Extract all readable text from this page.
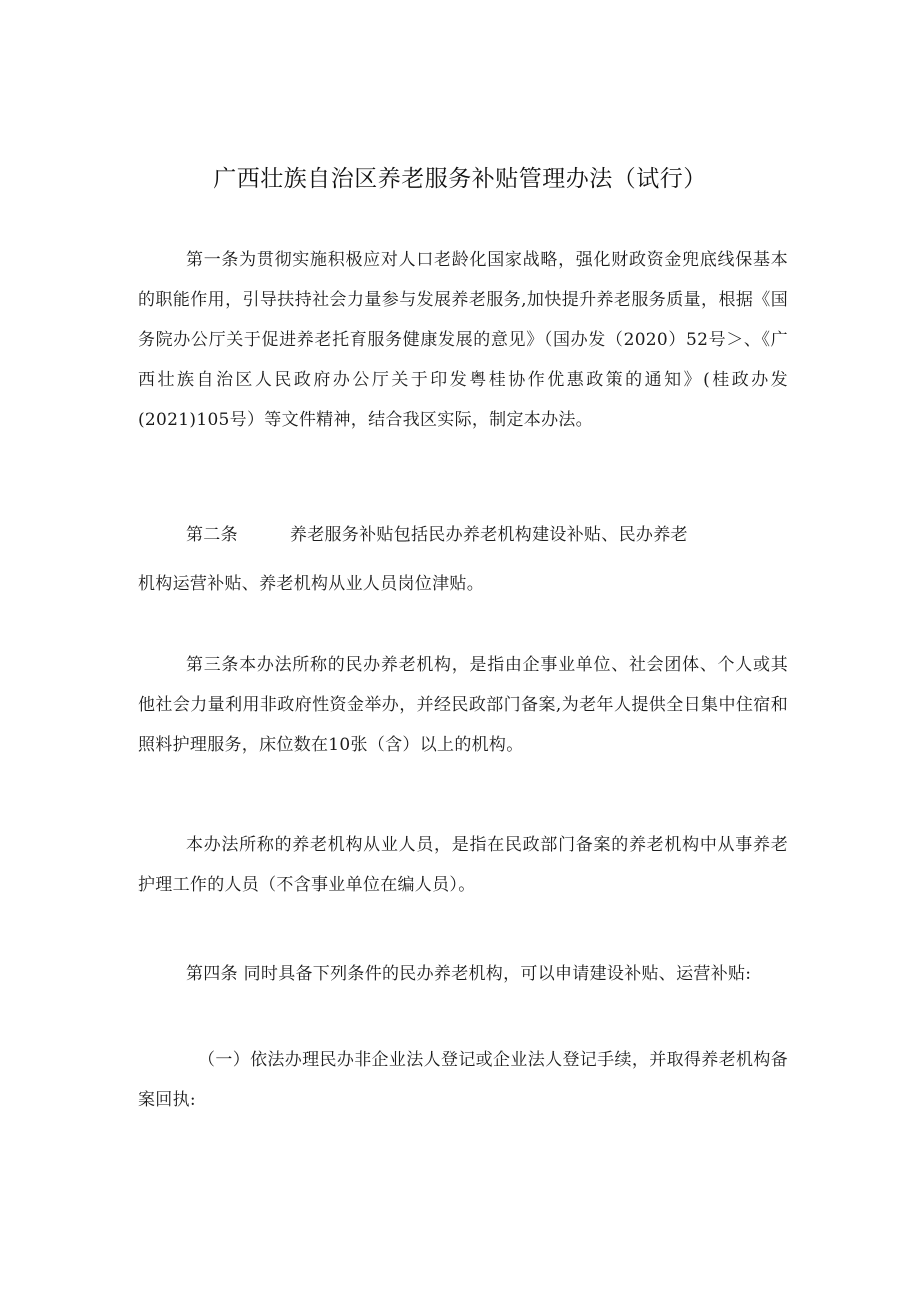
广西壮族自治区养老服务补贴管理办法（试行）
第一条为贯彻实施积极应对人口老龄化国家战略，强化财政资金兜底线保基本的职能作用，引导扶持社会力量参与发展养老服务,加快提升养老服务质量，根据《国务院办公厅关于促进养老托育服务健康发展的意见》（国办发（2020）52号＞、《广西壮族自治区人民政府办公厅关于印发粤桂协作优惠政策的通知》(桂政办发(2021)105号）等文件精神，结合我区实际，制定本办法。
第二条	养老服务补贴包括民办养老机构建设补贴、民办养老
机构运营补贴、养老机构从业人员岗位津贴。
第三条本办法所称的民办养老机构，是指由企事业单位、社会团体、个人或其他社会力量利用非政府性资金举办，并经民政部门备案,为老年人提供全日集中住宿和照料护理服务，床位数在10张（含）以上的机构。
本办法所称的养老机构从业人员，是指在民政部门备案的养老机构中从事养老护理工作的人员（不含事业单位在编人员）。
第四条 同时具备下列条件的民办养老机构，可以申请建设补贴、运营补贴:
（一）依法办理民办非企业法人登记或企业法人登记手续，并取得养老机构备案回执:
